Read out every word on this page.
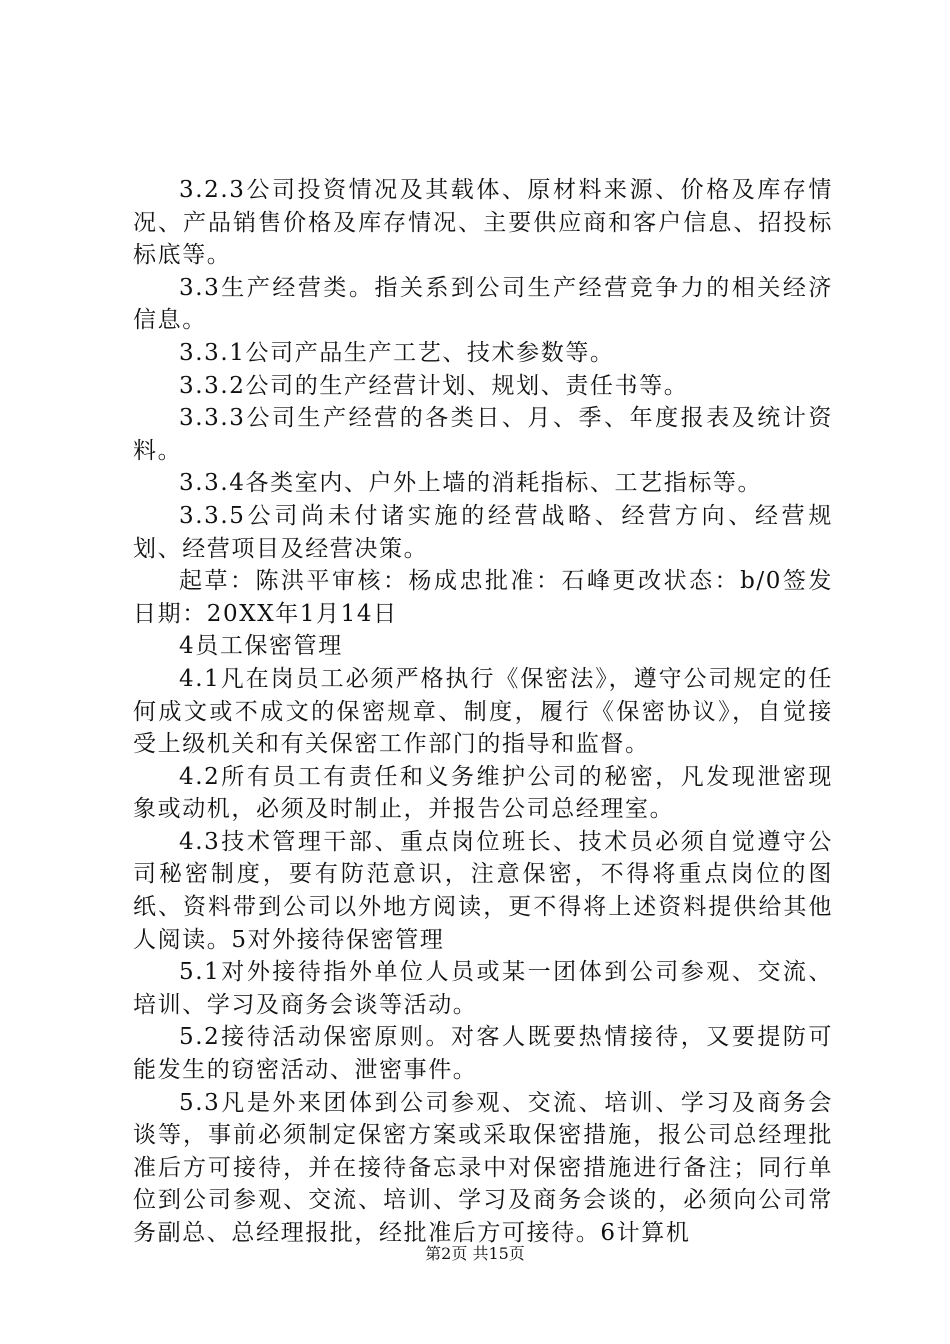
3.2.3公司投资情况及其载体、原材料来源、价格及库存情况、产品销售价格及库存情况、主要供应商和客户信息、招投标标底等。

3.3生产经营类。指关系到公司生产经营竞争力的相关经济信息。

3.3.1公司产品生产工艺、技术参数等。

3.3.2公司的生产经营计划、规划、责任书等。

3.3.3公司生产经营的各类日、月、季、年度报表及统计资料。

3.3.4各类室内、户外上墙的消耗指标、工艺指标等。

3.3.5公司尚未付诸实施的经营战略、经营方向、经营规划、经营项目及经营决策。

起草：陈洪平审核：杨成忠批准：石峰更改状态：b/0签发日期：20XX年1月14日

4员工保密管理

4.1凡在岗员工必须严格执行《保密法》，遵守公司规定的任何成文或不成文的保密规章、制度，履行《保密协议》，自觉接受上级机关和有关保密工作部门的指导和监督。

4.2所有员工有责任和义务维护公司的秘密，凡发现泄密现象或动机，必须及时制止，并报告公司总经理室。

4.3技术管理干部、重点岗位班长、技术员必须自觉遵守公司秘密制度，要有防范意识，注意保密，不得将重点岗位的图纸、资料带到公司以外地方阅读，更不得将上述资料提供给其他人阅读。5对外接待保密管理

5.1对外接待指外单位人员或某一团体到公司参观、交流、培训、学习及商务会谈等活动。

5.2接待活动保密原则。对客人既要热情接待，又要提防可能发生的窃密活动、泄密事件。

5.3凡是外来团体到公司参观、交流、培训、学习及商务会谈等，事前必须制定保密方案或采取保密措施，报公司总经理批准后方可接待，并在接待备忘录中对保密措施进行备注；同行单位到公司参观、交流、培训、学习及商务会谈的，必须向公司常务副总、总经理报批，经批准后方可接待。6计算机

第2页 共15页
